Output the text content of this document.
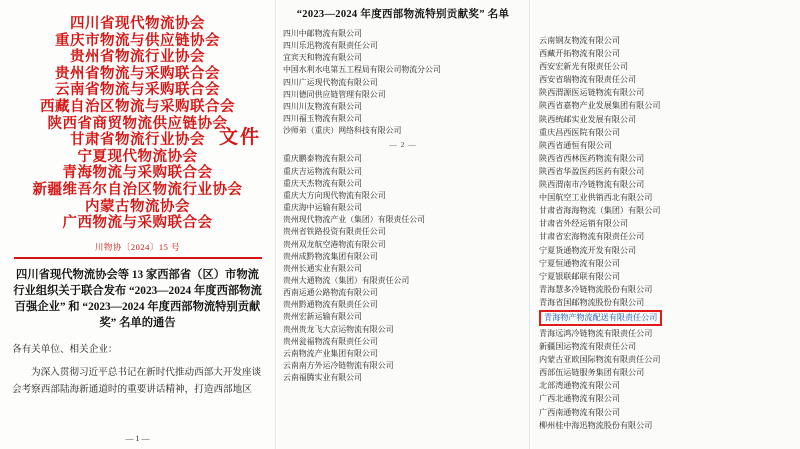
四川省现代物流协会
重庆市物流与供应链协会
贵州省物流行业协会
贵州省物流与采购联合会
云南省物流与采购联合会
西藏自治区物流与采购联合会
陕西省商贸物流供应链协会
甘肃省物流行业协会
宁夏现代物流协会
青海物流与采购联合会
新疆维吾尔自治区物流行业协会
内蒙古物流协会
广西物流与采购联合会
文件
川物协〔2024〕15 号
四川省现代物流协会等 13 家西部省（区）市物流行业组织关于联合发布 “2023—2024 年度西部物流百强企业” 和 “2023—2024 年度西部物流特别贡献奖” 名单的通告

各有关单位、相关企业：

为深入贯彻习近平总书记在新时代推动西部大开发座谈会考察西部陆海新通道时的重要讲话精神，打造西部地区

— 1 —
“2023—2024 年度西部物流特别贡献奖” 名单
四川中邮物流有限公司
四川乐迅物流有限责任公司
宜宾天和物流有限公司
中国水利水电第五工程局有限公司物流分公司
四川广运现代物流有限公司
四川德同供应链管理有限公司
四川川友物流有限公司
四川福玉物流有限公司
沙师弟（重庆）网络科技有限公司
— 2 —
重庆鹏泰物流有限公司
重庆吉运物流有限公司
重庆天杰物流有限公司
重庆大方向现代物流有限公司
重庆海中运输有限公司
贵州现代物流产业（集团）有限责任公司
贵州省铁路投资有限责任公司
贵州双龙航空港物流有限公司
贵州成黔物流集团有限公司
贵州长通实业有限公司
贵州大通物流（集团）有限责任公司
西南运通公路物流有限公司
贵州黔通物流有限责任公司
贵州宏新运输有限公司
贵州贵龙飞大京运物流有限公司
贵州瓮福物流有限责任公司
云南物流产业集团有限公司
云南南方外运冷链物流有限公司
云南福腾实业有限公司
云南钢友物流有限公司
西藏开拓物流有限公司
西安宏新光有限责任公司
西安省瑞物流有限责任公司
陕西渭源医运链物流有限公司
陕西省嘉物产业发展集团有限公司
陕西统邮实业发展有限公司
重庆昌西医院有限公司
陕西省通恒有限公司
陕西省西林医药物流有限公司
陕西省华盈医药医药有限公司
陕西渭南市冷链物流有限公司
中国航空工业供销西北有限公司
甘肃省海海物流（集团）有限公司
甘肃省外经运销有限公司
甘肃省宏海物流有限责任公司
宁夏货通物流开发有限公司
宁夏恒通物流有限公司
宁夏银联邮联有限公司
青海慧多冷链物流股份有限公司
青海省国邮物流股份有限公司
青海物产物流配送有限责任公司
青海远鸿冷链物流有限责任公司
新疆国运物流有限责任公司
内蒙古亚欧国际物流有限责任公司
西部伍运链服务集团有限公司
北部湾通物流有限公司
广西北通物流有限公司
广西南通物流有限公司
柳州桂中海迅物流股份有限公司
